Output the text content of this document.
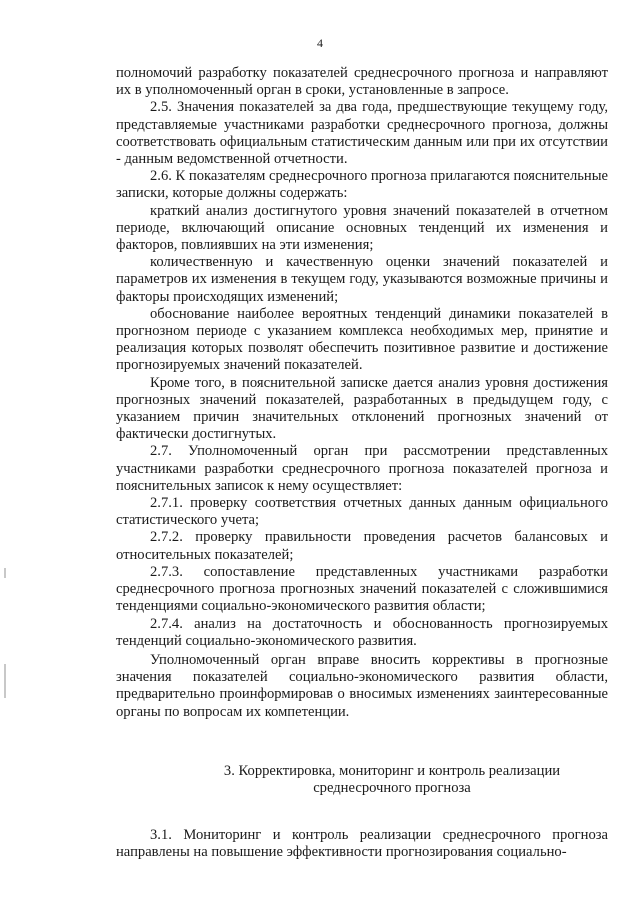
4

полномочий разработку показателей среднесрочного прогноза и направляют их в уполномоченный орган в сроки, установленные в запросе.

2.5. Значения показателей за два года, предшествующие текущему году, представляемые участниками разработки среднесрочного прогноза, должны соответствовать официальным статистическим данным или при их отсутствии - данным ведомственной отчетности.

2.6. К показателям среднесрочного прогноза прилагаются пояснительные записки, которые должны содержать:

краткий анализ достигнутого уровня значений показателей в отчетном периоде, включающий описание основных тенденций их изменения и факторов, повлиявших на эти изменения;

количественную и качественную оценки значений показателей и параметров их изменения в текущем году, указываются возможные причины и факторы происходящих изменений;

обоснование наиболее вероятных тенденций динамики показателей в прогнозном периоде с указанием комплекса необходимых мер, принятие и реализация которых позволят обеспечить позитивное развитие и достижение прогнозируемых значений показателей.

Кроме того, в пояснительной записке дается анализ уровня достижения прогнозных значений показателей, разработанных в предыдущем году, с указанием причин значительных отклонений прогнозных значений от фактически достигнутых.

2.7. Уполномоченный орган при рассмотрении представленных участниками разработки среднесрочного прогноза показателей прогноза и пояснительных записок к нему осуществляет:

2.7.1. проверку соответствия отчетных данных данным официального статистического учета;

2.7.2. проверку правильности проведения расчетов балансовых и относительных показателей;

2.7.3. сопоставление представленных участниками разработки среднесрочного прогноза прогнозных значений показателей с сложившимися тенденциями социально-экономического развития области;

2.7.4. анализ на достаточность и обоснованность прогнозируемых тенденций социально-экономического развития.

Уполномоченный орган вправе вносить коррективы в прогнозные значения показателей социально-экономического развития области, предварительно проинформировав о вносимых изменениях заинтересованные органы по вопросам их компетенции.

3. Корректировка, мониторинг и контроль реализации
среднесрочного прогноза

3.1. Мониторинг и контроль реализации среднесрочного прогноза направлены на повышение эффективности прогнозирования социально-
